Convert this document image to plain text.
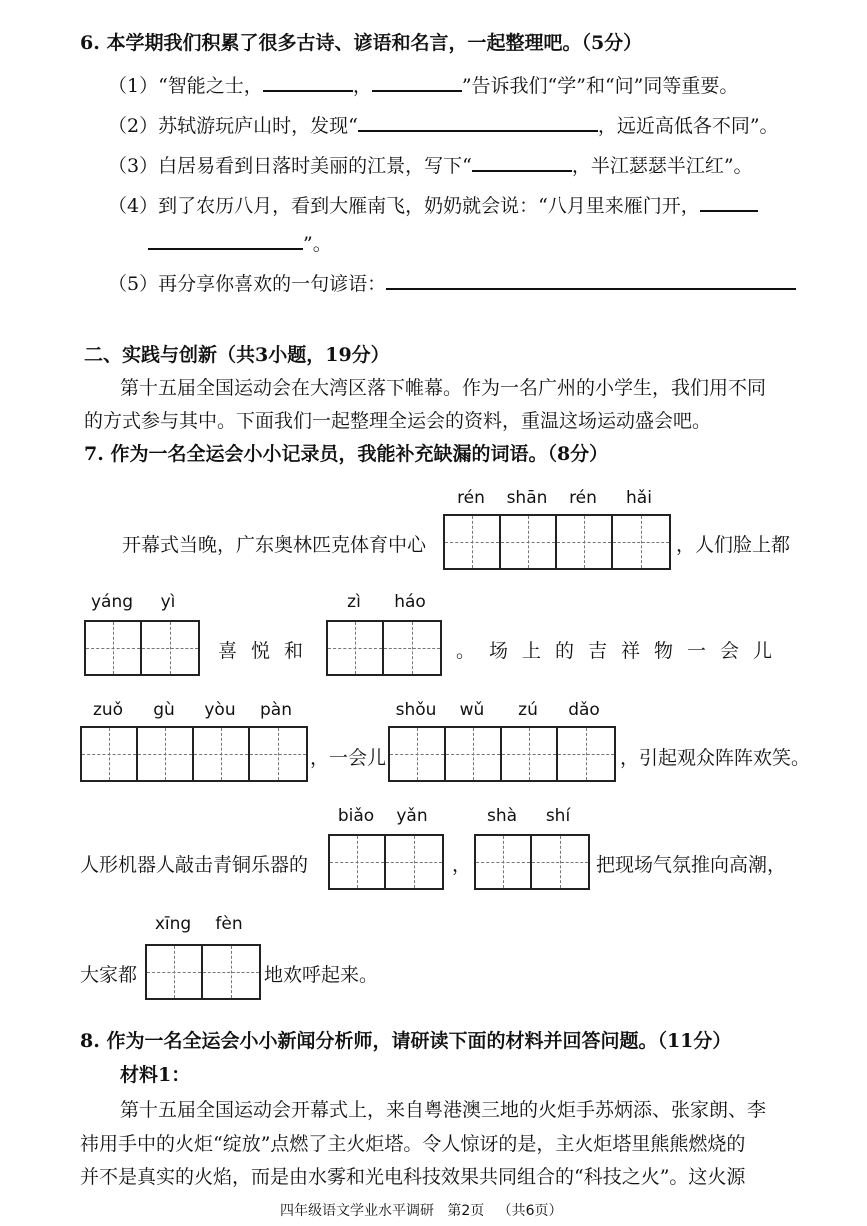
6. 本学期我们积累了很多古诗、谚语和名言，一起整理吧。（5分）
（1）“智能之士，	，	”告诉我们“学”和“问”同等重要。
（2）苏轼游玩庐山时，发现“	，远近高低各不同”。
（3）白居易看到日落时美丽的江景，写下“	，半江瑟瑟半江红”。
（4）到了农历八月，看到大雁南飞，奶奶就会说：“八月里来雁门开，
”。
（5）再分享你喜欢的一句谚语：
二、实践与创新（共3小题，19分）
第十五届全国运动会在大湾区落下帷幕。作为一名广州的小学生，我们用不同
的方式参与其中。下面我们一起整理全运会的资料，重温这场运动盛会吧。
7. 作为一名全运会小小记录员，我能补充缺漏的词语。（8分）
rén	shān	rén	hǎi
开幕式当晚，广东奥林匹克体育中心	，人们脸上都
yáng	yì
喜悦和
zì	háo
。场上的吉祥物一会儿
zuǒ	gù	yòu	pàn
，一会儿
shǒu	wǔ	zú	dǎo
，引起观众阵阵欢笑。
人形机器人敲击青铜乐器的
biǎo	yǎn
，
shà	shí
把现场气氛推向高潮，
大家都
xīng	fèn
地欢呼起来。
8. 作为一名全运会小小新闻分析师，请研读下面的材料并回答问题。（11分）
材料1：
第十五届全国运动会开幕式上，来自粤港澳三地的火炬手苏炳添、张家朗、李
祎用手中的火炬“绽放”点燃了主火炬塔。令人惊讶的是，主火炬塔里熊熊燃烧的
并不是真实的火焰，而是由水雾和光电科技效果共同组合的“科技之火”。这火源
四年级语文学业水平调研 第2页 （共6页）
